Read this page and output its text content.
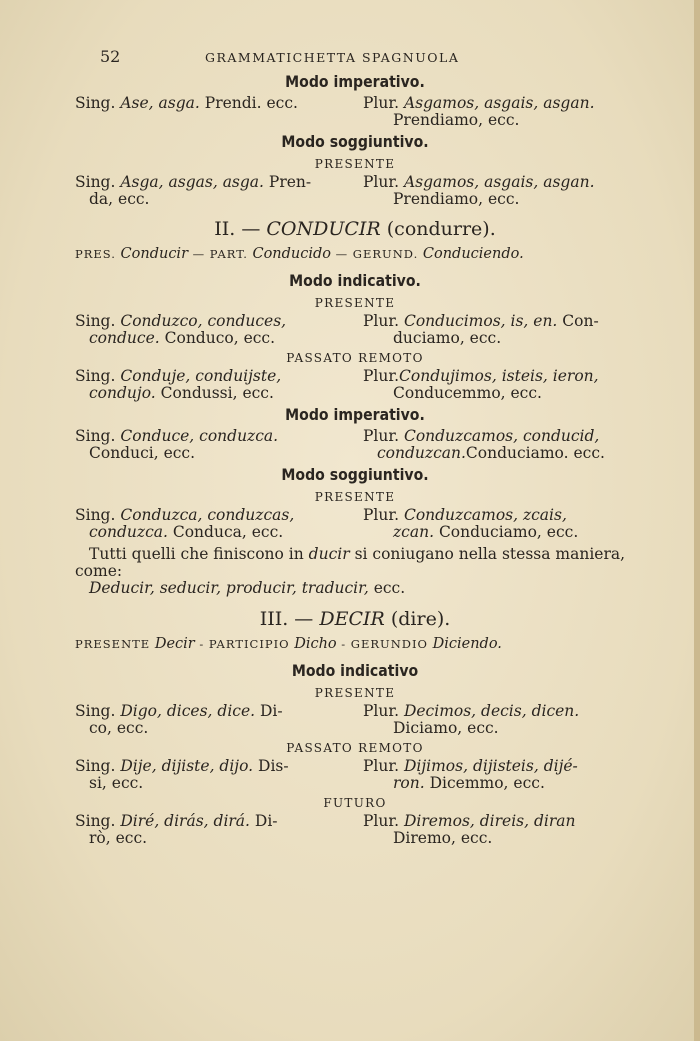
52	GRAMMATICHETTA SPAGNUOLA
Modo imperativo.
Sing. Ase, asga. Prendi. ecc.	Plur. Asgamos, asgais, asgan.
Prendiamo, ecc.
Modo soggiuntivo.
PRESENTE
Sing. Asga, asgas, asga. Pren-
da, ecc.
Plur. Asgamos, asgais, asgan.
Prendiamo, ecc.
II. — CONDUCIR (condurre).
PRES. Conducir — PART. Conducido — GERUND. Conduciendo.
Modo indicativo.
PRESENTE
Sing. Conduzco, conduces,
conduce. Conduco, ecc.
Plur. Conducimos, is, en. Con-
duciamo, ecc.
PASSATO REMOTO
Sing. Conduje, conduijste,
condujo. Condussi, ecc.
Plur.Condujimos, isteis, ieron,
Conducemmo, ecc.
Modo imperativo.
Sing. Conduce, conduzca.
Conduci, ecc.
Plur. Conduzcamos, conducid,
conduzcan.Conduciamo. ecc.
Modo soggiuntivo.
PRESENTE
Sing. Conduzca, conduzcas,
conduzca. Conduca, ecc.
Plur. Conduzcamos, zcais,
zcan. Conduciamo, ecc.
Tutti quelli che finiscono in ducir si coniugano nella stessa maniera, come:
Deducir, seducir, producir, traducir, ecc.
III. — DECIR (dire).
PRESENTE Decir - PARTICIPIO Dicho - GERUNDIO Diciendo.
Modo indicativo
PRESENTE
Sing. Digo, dices, dice. Di-
co, ecc.
Plur. Decimos, decis, dicen.
Diciamo, ecc.
PASSATO REMOTO
Sing. Dije, dijiste, dijo. Dis-
si, ecc.
Plur. Dijimos, dijisteis, dijé-
ron. Dicemmo, ecc.
FUTURO
Sing. Diré, dirás, dirá. Di-
rò, ecc.
Plur. Diremos, direis, diran
Diremo, ecc.
